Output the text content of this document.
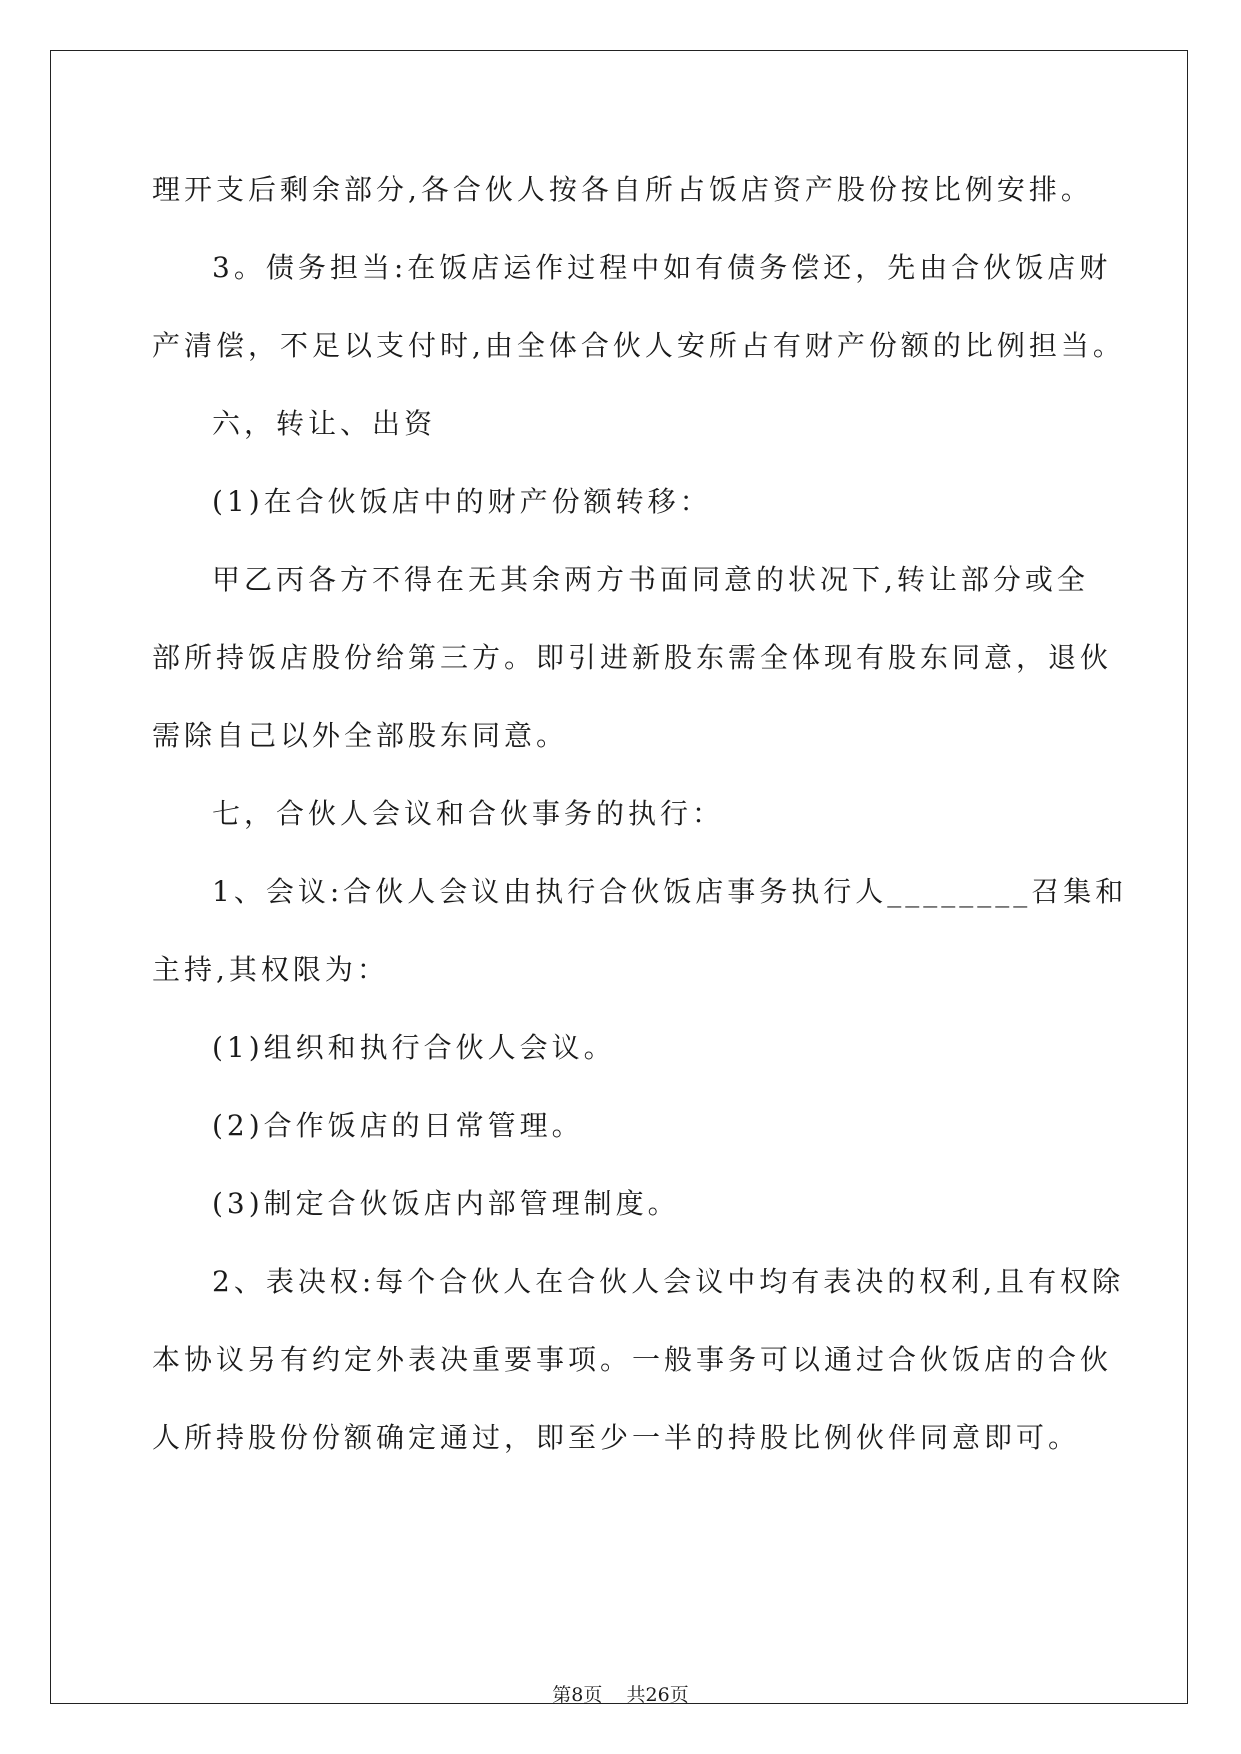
理开支后剩余部分,各合伙人按各自所占饭店资产股份按比例安排。

3。债务担当:在饭店运作过程中如有债务偿还，先由合伙饭店财

产清偿，不足以支付时,由全体合伙人安所占有财产份额的比例担当。

六，转让、出资

(1)在合伙饭店中的财产份额转移：

甲乙丙各方不得在无其余两方书面同意的状况下,转让部分或全

部所持饭店股份给第三方。即引进新股东需全体现有股东同意，退伙

需除自己以外全部股东同意。

七，合伙人会议和合伙事务的执行：

1、会议:合伙人会议由执行合伙饭店事务执行人________召集和

主持,其权限为：

(1)组织和执行合伙人会议。

(2)合作饭店的日常管理。

(3)制定合伙饭店内部管理制度。

2、表决权:每个合伙人在合伙人会议中均有表决的权利,且有权除

本协议另有约定外表决重要事项。一般事务可以通过合伙饭店的合伙

人所持股份份额确定通过，即至少一半的持股比例伙伴同意即可。

第8页 共26页
